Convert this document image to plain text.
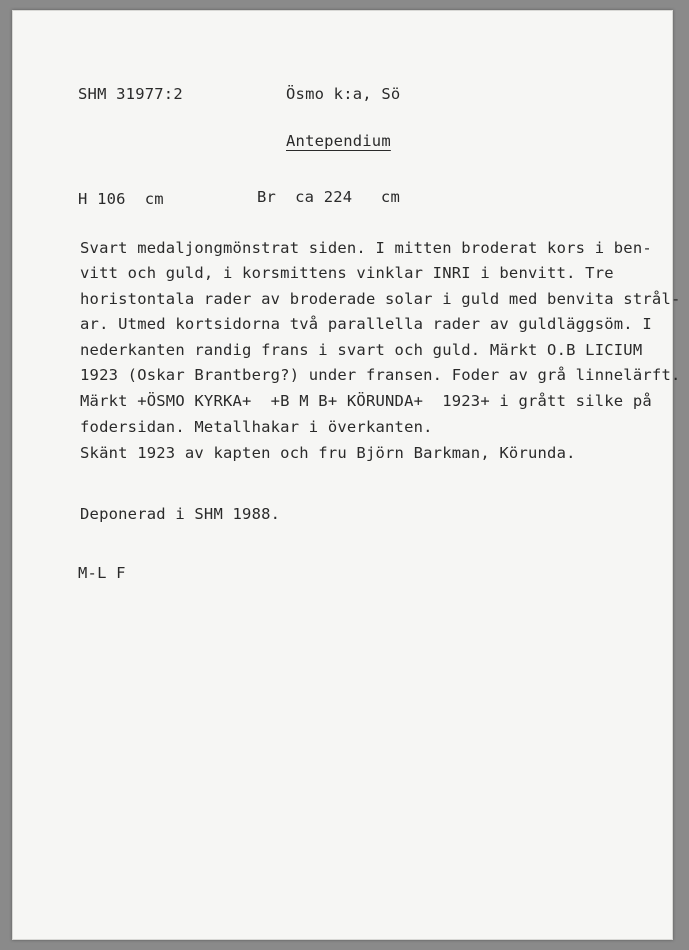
SHM 31977:2	Ösmo k:a, Sö

Antependium

H 106  cm	Br  ca 224   cm

Svart medaljongmönstrat siden. I mitten broderat kors i ben-

vitt och guld, i korsmittens vinklar INRI i benvitt. Tre

horistontala rader av broderade solar i guld med benvita strål-

ar. Utmed kortsidorna två parallella rader av guldläggsöm. I

nederkanten randig frans i svart och guld. Märkt O.B LICIUM

1923 (Oskar Brantberg?) under fransen. Foder av grå linnelärft.

Märkt +ÖSMO KYRKA+  +B M B+ KÖRUNDA+  1923+ i grått silke på

fodersidan. Metallhakar i överkanten.

Skänt 1923 av kapten och fru Björn Barkman, Körunda.

Deponerad i SHM 1988.

M-L F
